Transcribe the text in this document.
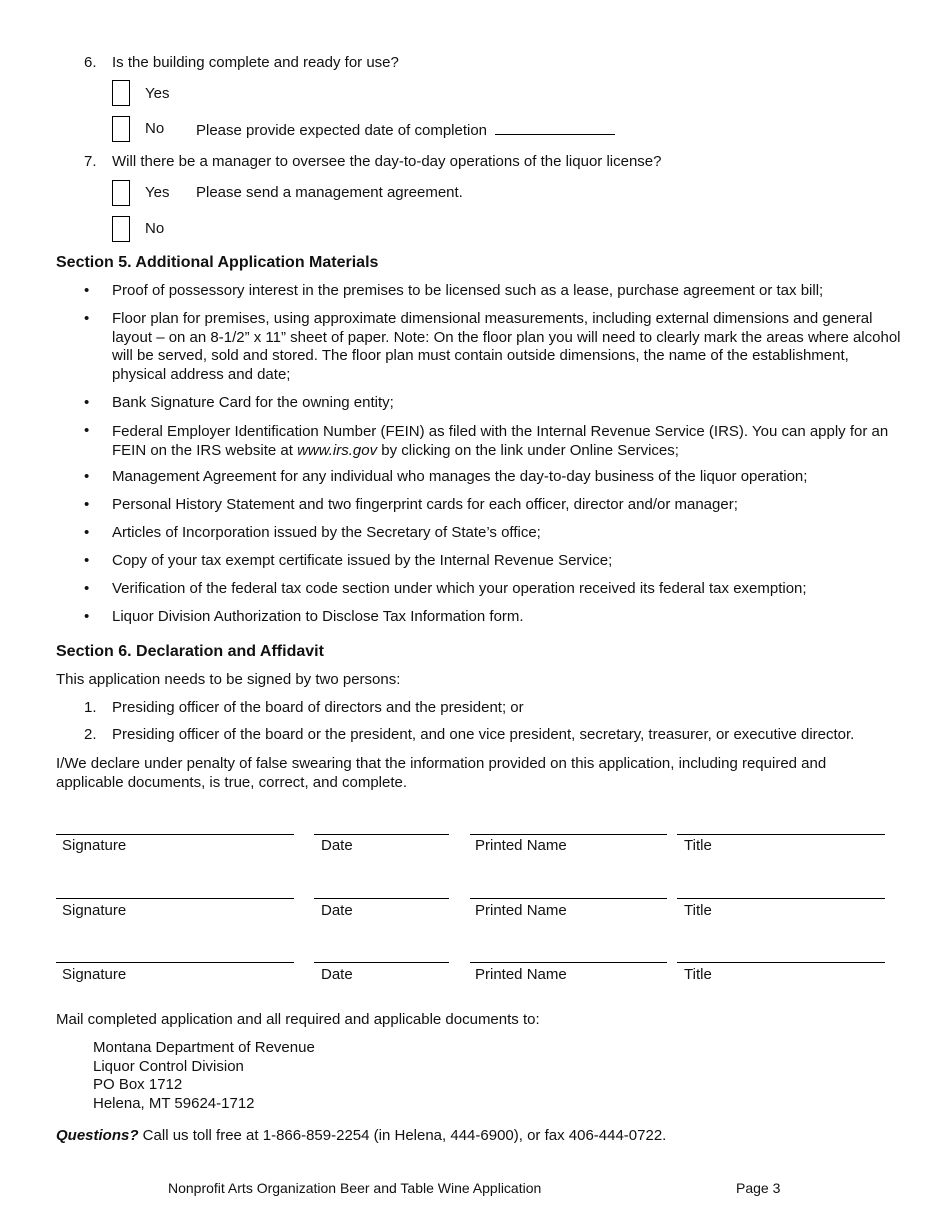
6. Is the building complete and ready for use?
Yes
No Please provide expected date of completion
7. Will there be a manager to oversee the day-to-day operations of the liquor license?
Yes Please send a management agreement.
No
Section 5. Additional Application Materials
• Proof of possessory interest in the premises to be licensed such as a lease, purchase agreement or tax bill;
• Floor plan for premises, using approximate dimensional measurements, including external dimensions and general layout – on an 8-1/2” x 11” sheet of paper. Note: On the floor plan you will need to clearly mark the areas where alcohol will be served, sold and stored. The floor plan must contain outside dimensions, the name of the establishment, physical address and date;
• Bank Signature Card for the owning entity;
• Federal Employer Identification Number (FEIN) as filed with the Internal Revenue Service (IRS). You can apply for an FEIN on the IRS website at www.irs.gov by clicking on the link under Online Services;
• Management Agreement for any individual who manages the day-to-day business of the liquor operation;
• Personal History Statement and two fingerprint cards for each officer, director and/or manager;
• Articles of Incorporation issued by the Secretary of State’s office;
• Copy of your tax exempt certificate issued by the Internal Revenue Service;
• Verification of the federal tax code section under which your operation received its federal tax exemption;
• Liquor Division Authorization to Disclose Tax Information form.
Section 6. Declaration and Affidavit
This application needs to be signed by two persons:
1. Presiding officer of the board of directors and the president; or
2. Presiding officer of the board or the president, and one vice president, secretary, treasurer, or executive director.
I/We declare under penalty of false swearing that the information provided on this application, including required and applicable documents, is true, correct, and complete.
Signature	Date	Printed Name	Title
Signature	Date	Printed Name	Title
Signature	Date	Printed Name	Title
Mail completed application and all required and applicable documents to:
Montana Department of Revenue
Liquor Control Division
PO Box 1712
Helena, MT 59624-1712
Questions? Call us toll free at 1-866-859-2254 (in Helena, 444-6900), or fax 406-444-0722.
Nonprofit Arts Organization Beer and Table Wine Application	Page 3
